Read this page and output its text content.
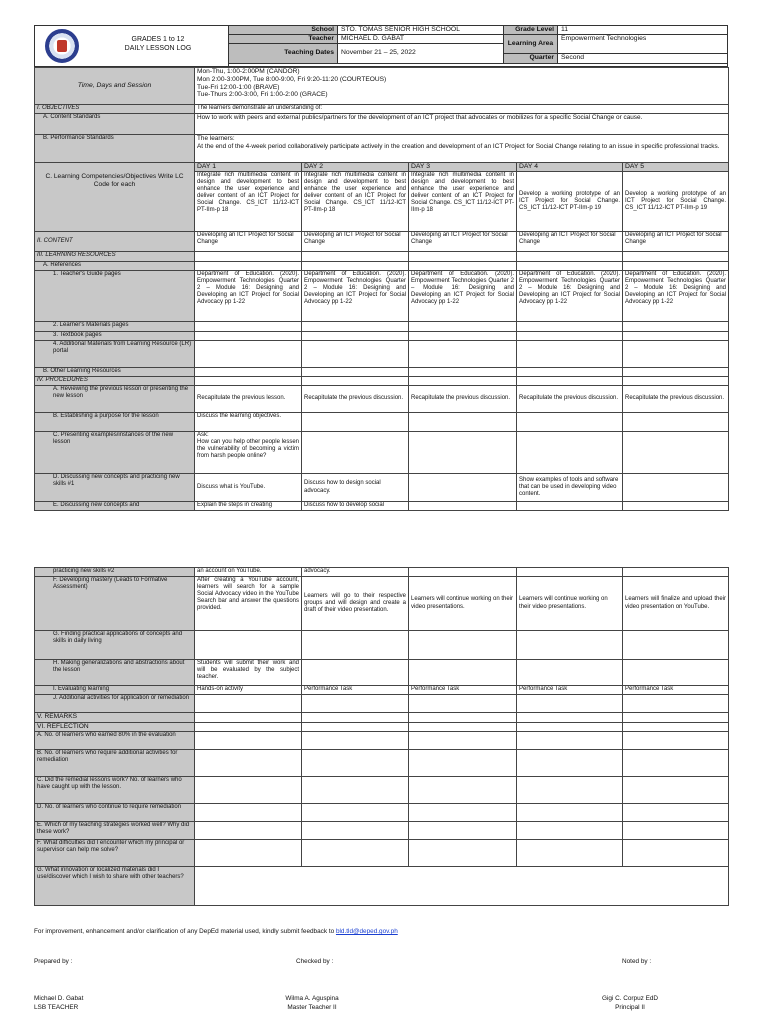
GRADES 1 to 12
DAILY LESSON LOG
School	STO. TOMAS SENIOR HIGH SCHOOL	Grade Level	11
Teacher	MICHAEL D. GABAT
Learning Area
Empowerment Technologies
Teaching Dates	November 21 – 25, 2022
Quarter	Second
Time, Days and Session	Mon-Thu, 1:00-2:00PM (CANDOR)
Mon 2:00-3:00PM, Tue 8:00-9:00, Fri 9:20-11:20 (COURTEOUS)
Tue-Fri 12:00-1:00 (BRAVE)
Tue-Thurs 2:00-3:00, Fri 1:00-2:00 (GRACE)				

I. OBJECTIVES	The learners demonstrate an understanding of:				
A. Content Standards	How to work with peers and external publics/partners for the development of an ICT project that advocates or mobilizes for a specific Social Change or cause.				
B. Performance Standards	The learners:
At the end of the 4-week period collaboratively participate actively in the creation and development of an ICT Project for Social Change relating to an issue in specific professional tracks.				

C. Learning Competencies/Objectives Write LC Code for each	DAY 1	DAY 2	DAY 3	DAY 4	DAY 5
	Integrate rich multimedia content in design and development to best enhance the user experience and deliver content of an ICT Project for Social Change. CS_ICT 11/12-ICT PT-IIm-p 18	Integrate rich multimedia content in design and development to best enhance the user experience and deliver content of an ICT Project for Social Change. CS_ICT 11/12-ICT PT-IIm-p 18	Integrate rich multimedia content in design and development to best enhance the user experience and deliver content of an ICT Project for Social Change. CS_ICT 11/12-ICT PT-IIm-p 18	Develop a working prototype of an ICT Project for Social Change. CS_ICT 11/12-ICT PT-IIm-p 19	Develop a working prototype of an ICT Project for Social Change. CS_ICT 11/12-ICT PT-IIm-p 19
II. CONTENT	Developing an ICT Project for Social Change	Developing an ICT Project for Social Change	Developing an ICT Project for Social Change	Developing an ICT Project for Social Change	Developing an ICT Project for Social Change
III. LEARNING RESOURCES					
A. References					
1. Teacher's Guide pages	Department of Education. (2020). Empowerment Technologies Quarter 2 – Module 16: Designing and Developing an ICT Project for Social Advocacy pp 1-22	Department of Education. (2020). Empowerment Technologies Quarter 2 – Module 16: Designing and Developing an ICT Project for Social Advocacy pp 1-22	Department of Education. (2020). Empowerment Technologies Quarter 2 – Module 16: Designing and Developing an ICT Project for Social Advocacy pp 1-22	Department of Education. (2020). Empowerment Technologies Quarter 2 – Module 16: Designing and Developing an ICT Project for Social Advocacy pp 1-22	Department of Education. (2020). Empowerment Technologies Quarter 2 – Module 16: Designing and Developing an ICT Project for Social Advocacy pp 1-22
2. Learner's Materials pages					
3. Textbook pages					
4. Additional Materials from Learning Resource (LR) portal					
B. Other Learning Resources					
IV. PROCEDURES					
A. Reviewing the previous lesson or presenting the new lesson	Recapitulate the previous lesson.	Recapitulate the previous discussion.	Recapitulate the previous discussion.	Recapitulate the previous discussion.	Recapitulate the previous discussion.
B. Establishing a purpose for the lesson	Discuss the learning objectives.				
C. Presenting examples/instances of the new lesson	Ask:
How can you help other people lessen the vulnerability of becoming a victim from harsh people online?				

D. Discussing new concepts and practicing new skills #1	Discuss what is YouTube.	Discuss how to design social advocacy.		Show examples of tools and software that can be used in developing video content.	
E. Discussing new concepts and	Explain the steps in creating	Discuss how to develop social			
practicing new skills #2	an account on YouTube.	advocacy.			
F. Developing mastery (Leads to Formative Assessment)	After creating a YouTube account, learners will search for a sample Social Advocacy video in the YouTube Search bar and answer the questions provided.	Learners will go to their respective groups and will design and create a draft of their video presentation.	Learners will continue working on their video presentations.	Learners will continue working on their video presentations.	Learners will finalize and upload their video presentation on YouTube.
G. Finding practical applications of concepts and skills in daily living					
H. Making generalizations and abstractions about the lesson	Students will submit their work and will be evaluated by the subject teacher.				
I. Evaluating learning	Hands-on activity	Performance Task	Performance Task	Performance Task	Performance Task
J. Additional activities for application or remediation					
V. REMARKS					
VI. REFLECTION					
A. No. of learners who earned 80% in the evaluation					
B. No. of learners who require additional activities for remediation					
C. Did the remedial lessons work? No. of learners who have caught up with the lesson.					
D. No. of learners who continue to require remediation					
E. Which of my teaching strategies worked well? Why did these work?					
F. What difficulties did I encounter which my principal or supervisor can help me solve?					
G. What innovation or localized materials did I use/discover which I wish to share with other teachers?					
For improvement, enhancement and/or clarification of any DepEd material used, kindly submit feedback to bld.tld@deped.gov.ph
Prepared by :	Checked by :	Noted by :
Michael D. Gabat
LSB TEACHER
Wilma A. Aguspina
Master Teacher II
Gigi C. Corpuz EdD
Principal II
